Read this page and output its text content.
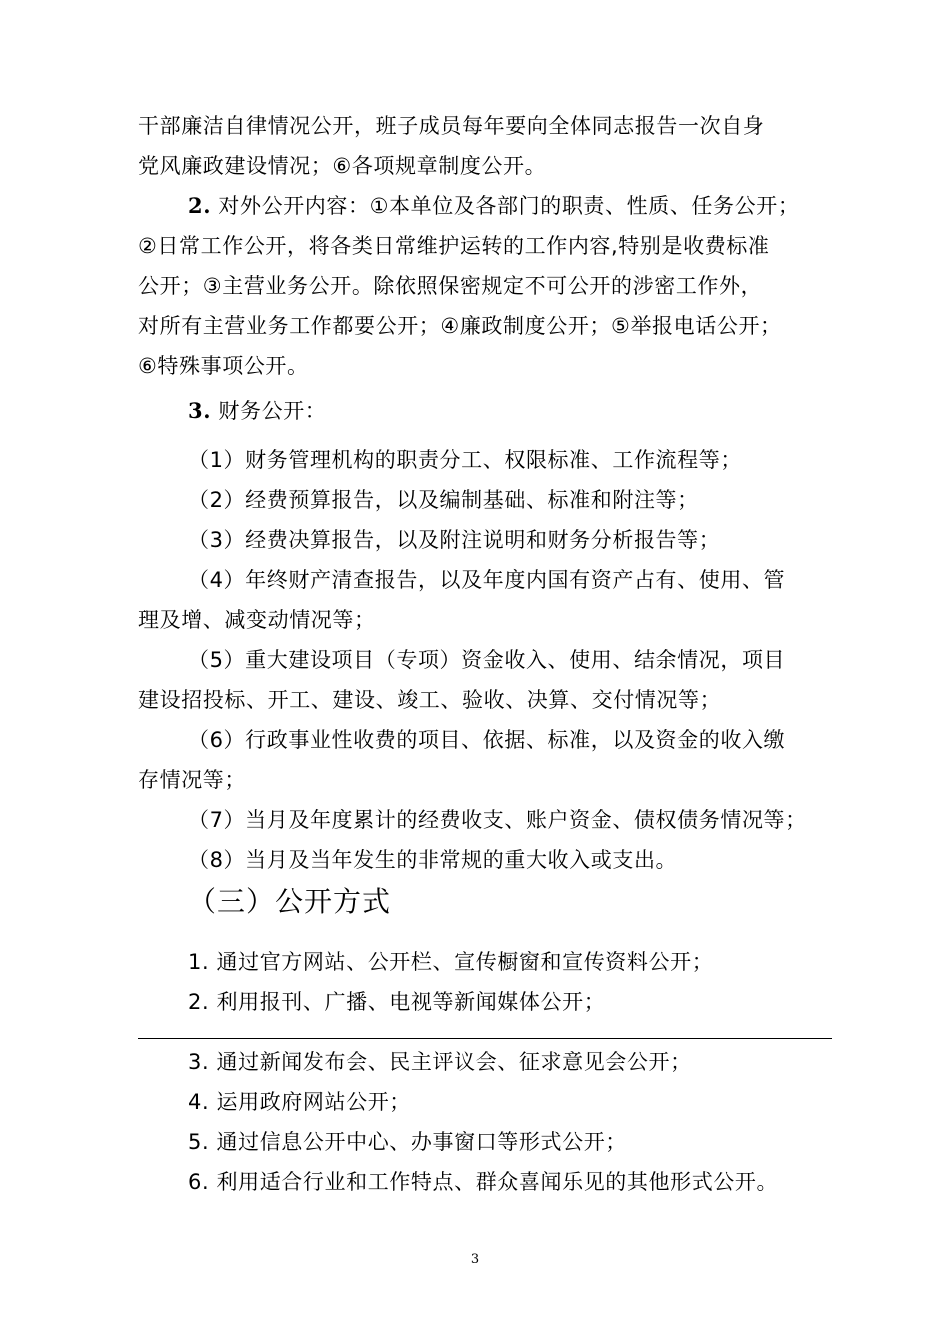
干部廉洁自律情况公开，班子成员每年要向全体同志报告一次自身
党风廉政建设情况；⑥各项规章制度公开。
2. 对外公开内容：①本单位及各部门的职责、性质、任务公开；
②日常工作公开，将各类日常维护运转的工作内容,特别是收费标准
公开；③主营业务公开。除依照保密规定不可公开的涉密工作外，
对所有主营业务工作都要公开；④廉政制度公开；⑤举报电话公开；
⑥特殊事项公开。
3. 财务公开：
（1）财务管理机构的职责分工、权限标准、工作流程等；
（2）经费预算报告，以及编制基础、标准和附注等；
（3）经费决算报告，以及附注说明和财务分析报告等；
（4）年终财产清查报告，以及年度内国有资产占有、使用、管
理及增、减变动情况等；
（5）重大建设项目（专项）资金收入、使用、结余情况，项目
建设招投标、开工、建设、竣工、验收、决算、交付情况等；
（6）行政事业性收费的项目、依据、标准，以及资金的收入缴
存情况等；
（7）当月及年度累计的经费收支、账户资金、债权债务情况等；
（8）当月及当年发生的非常规的重大收入或支出。
（三）公开方式
1. 通过官方网站、公开栏、宣传橱窗和宣传资料公开；
2. 利用报刊、广播、电视等新闻媒体公开；
3. 通过新闻发布会、民主评议会、征求意见会公开；
4. 运用政府网站公开；
5. 通过信息公开中心、办事窗口等形式公开；
6. 利用适合行业和工作特点、群众喜闻乐见的其他形式公开。
3
